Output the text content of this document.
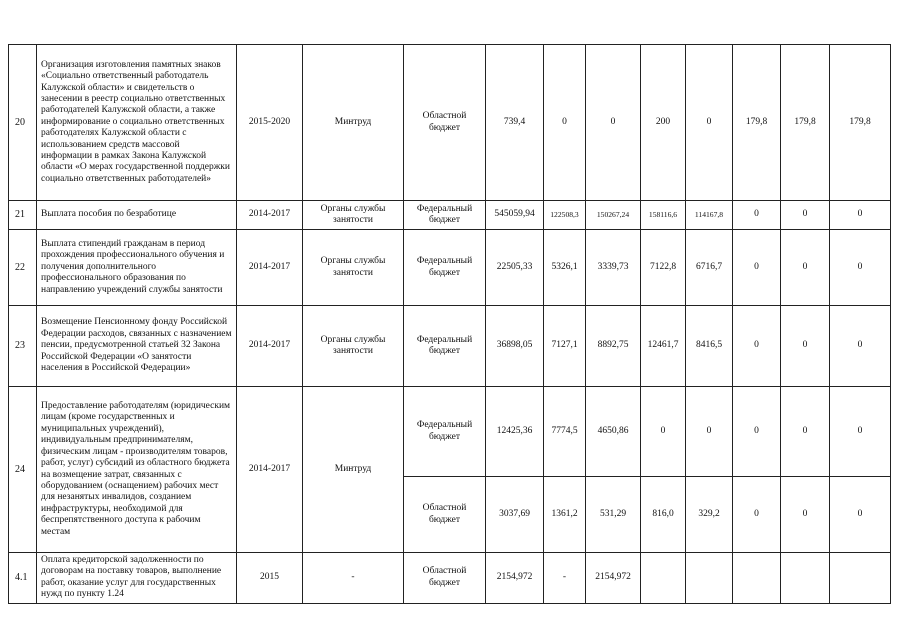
20	Организация изготовления памятных знаков «Социально ответственный работодатель Калужской области» и свидетельств о занесении в реестр социально ответственных работодателей Калужской области, а также информирование о социально ответственных работодателях Калужской области с использованием средств массовой информации в рамках Закона Калужской области «О мерах государственной поддержки социально ответственных работодателей»	2015-2020	Минтруд	Областной бюджет	739,4	0	0	200	0	179,8	179,8	179,8
21	Выплата пособия по безработице	2014-2017	Органы службы занятости	Федеральный бюджет	545059,94	122508,3	150267,24	158116,6	114167,8	0	0	0
22	Выплата стипендий гражданам в период прохождения профессионального обучения и получения дополнительного профессионального образования по направлению учреждений службы занятости	2014-2017	Органы службы занятости	Федеральный бюджет	22505,33	5326,1	3339,73	7122,8	6716,7	0	0	0
23	Возмещение Пенсионному фонду Российской Федерации расходов, связанных с назначением пенсии, предусмотренной статьей 32 Закона Российской Федерации «О занятости населения в Российской Федерации»	2014-2017	Органы службы занятости	Федеральный бюджет	36898,05	7127,1	8892,75	12461,7	8416,5	0	0	0
24	Предоставление работодателям (юридическим лицам (кроме государственных и муниципальных учреждений), индивидуальным предпринимателям, физическим лицам - производителям товаров, работ, услуг) субсидий из областного бюджета на возмещение затрат, связанных с оборудованием (оснащением) рабочих мест для незанятых инвалидов, созданием инфраструктуры, необходимой для беспрепятственного доступа к рабочим местам	2014-2017	Минтруд	Федеральный бюджет	12425,36	7774,5	4650,86	0	0	0	0	0
				Областной бюджет	3037,69	1361,2	531,29	816,0	329,2	0	0	0
4.1	Оплата кредиторской задолженности по договорам на поставку товаров, выполнение работ, оказание услуг для государственных нужд по пункту 1.24	2015	-	Областной бюджет	2154,972	-	2154,972					
